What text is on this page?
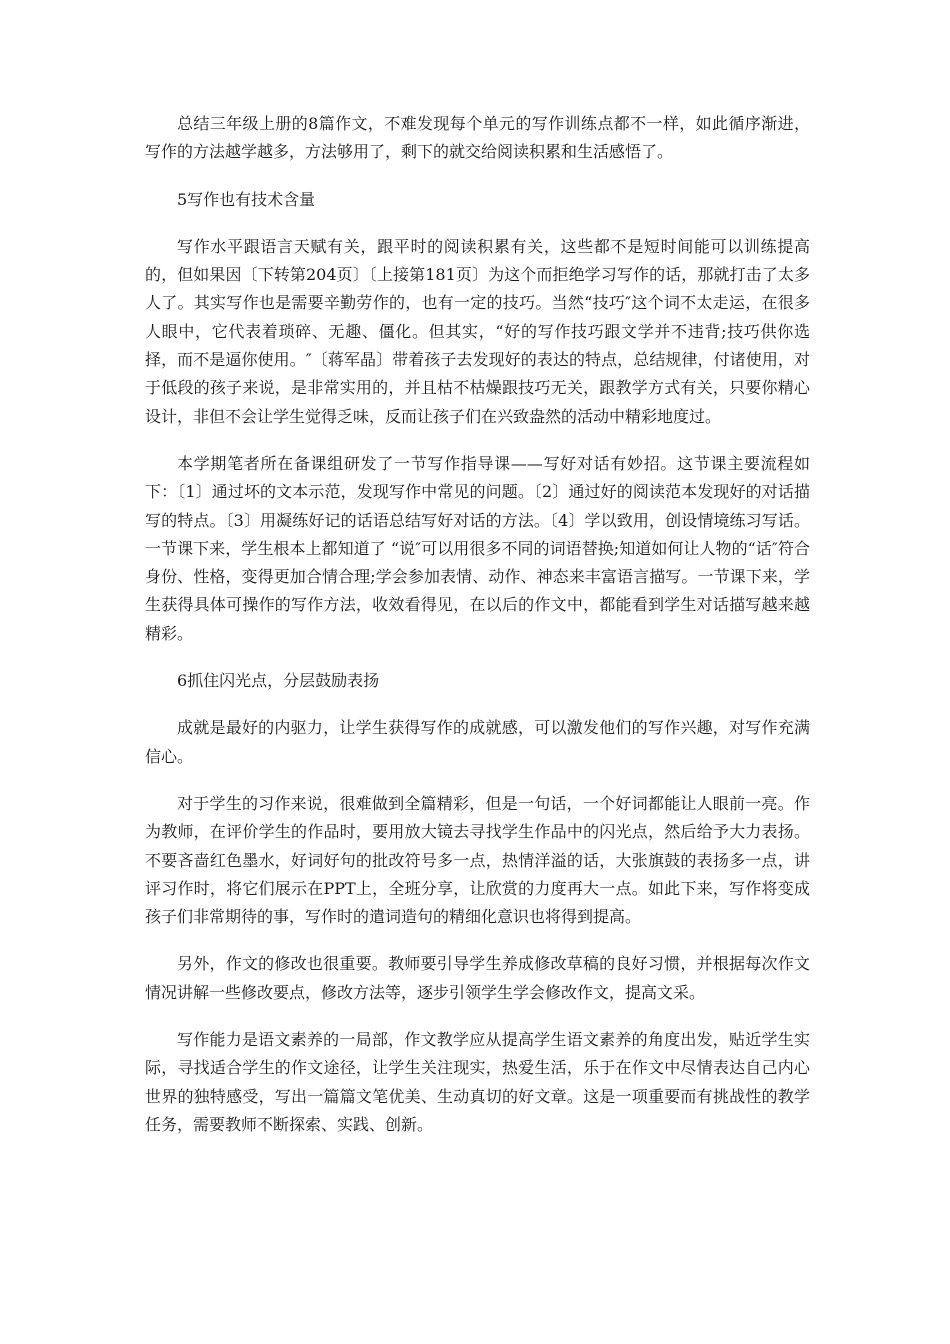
总结三年级上册的8篇作文，不难发现每个单元的写作训练点都不一样，如此循序渐进，写作的方法越学越多，方法够用了，剩下的就交给阅读积累和生活感悟了。

5写作也有技术含量

写作水平跟语言天赋有关，跟平时的阅读积累有关，这些都不是短时间能可以训练提高的，但如果因〔下转第204页〕〔上接第181页〕为这个而拒绝学习写作的话，那就打击了太多人了。其实写作也是需要辛勤劳作的，也有一定的技巧。当然“技巧″这个词不太走运，在很多人眼中，它代表着琐碎、无趣、僵化。但其实，“好的写作技巧跟文学并不违背;技巧供你选择，而不是逼你使用。″〔蒋军晶〕带着孩子去发现好的表达的特点，总结规律，付诸使用，对于低段的孩子来说，是非常实用的，并且枯不枯燥跟技巧无关，跟教学方式有关，只要你精心设计，非但不会让学生觉得乏味，反而让孩子们在兴致盎然的活动中精彩地度过。

本学期笔者所在备课组研发了一节写作指导课——写好对话有妙招。这节课主要流程如下：〔1〕通过坏的文本示范，发现写作中常见的问题。〔2〕通过好的阅读范本发现好的对话描写的特点。〔3〕用凝练好记的话语总结写好对话的方法。〔4〕学以致用，创设情境练习写话。一节课下来，学生根本上都知道了 “说″可以用很多不同的词语替换;知道如何让人物的“话″符合身份、性格，变得更加合情合理;学会参加表情、动作、神态来丰富语言描写。一节课下来，学生获得具体可操作的写作方法，收效看得见，在以后的作文中，都能看到学生对话描写越来越精彩。

6抓住闪光点，分层鼓励表扬

成就是最好的内驱力，让学生获得写作的成就感，可以激发他们的写作兴趣，对写作充满信心。

对于学生的习作来说，很难做到全篇精彩，但是一句话，一个好词都能让人眼前一亮。作为教师，在评价学生的作品时，要用放大镜去寻找学生作品中的闪光点，然后给予大力表扬。不要吝啬红色墨水，好词好句的批改符号多一点，热情洋溢的话，大张旗鼓的表扬多一点，讲评习作时，将它们展示在PPT上，全班分享，让欣赏的力度再大一点。如此下来，写作将变成孩子们非常期待的事，写作时的遣词造句的精细化意识也将得到提高。

另外，作文的修改也很重要。教师要引导学生养成修改草稿的良好习惯，并根据每次作文情况讲解一些修改要点，修改方法等，逐步引领学生学会修改作文，提高文采。

写作能力是语文素养的一局部，作文教学应从提高学生语文素养的角度出发，贴近学生实际，寻找适合学生的作文途径，让学生关注现实，热爱生活，乐于在作文中尽情表达自己内心世界的独特感受，写出一篇篇文笔优美、生动真切的好文章。这是一项重要而有挑战性的教学任务，需要教师不断探索、实践、创新。
